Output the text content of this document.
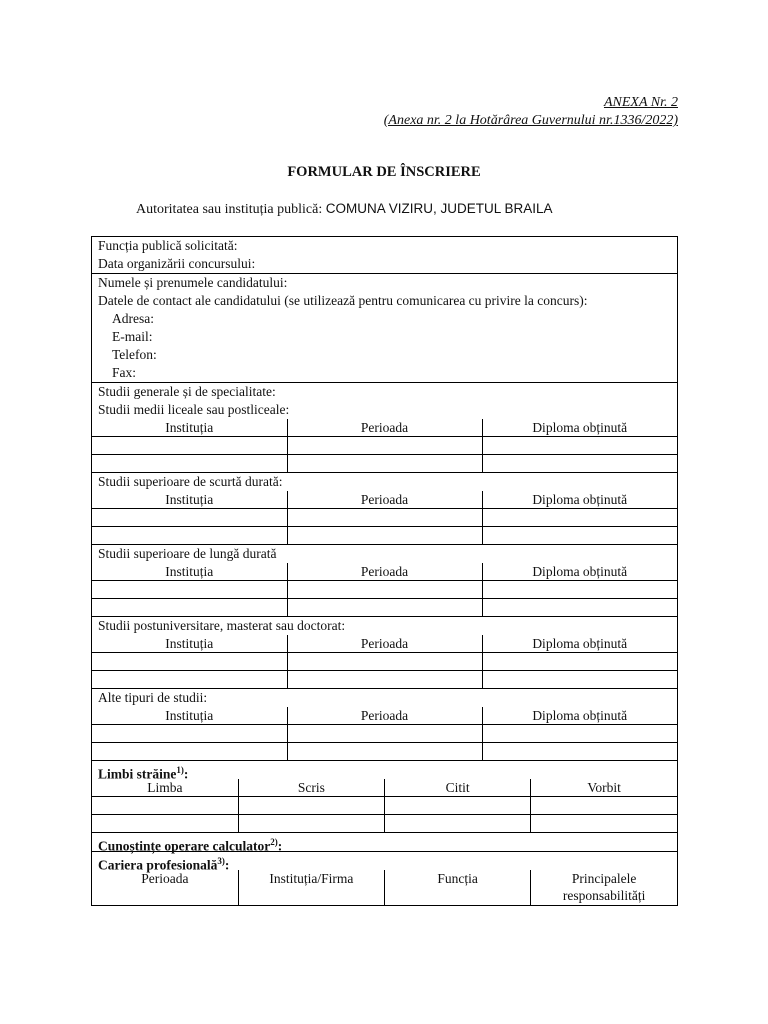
ANEXA Nr. 2
(Anexa nr. 2 la Hotărârea Guvernului nr.1336/2022)
FORMULAR DE ÎNSCRIERE
Autoritatea sau instituția publică: COMUNA VIZIRU, JUDETUL BRAILA
Funcția publică solicitată:
Data organizării concursului:
Numele și prenumele candidatului:
Datele de contact ale candidatului (se utilizează pentru comunicarea cu privire la concurs):
Adresa:
E-mail:
Telefon:
Fax:
Studii generale și de specialitate:
Studii medii liceale sau postliceale:
Instituția	Perioada	Diploma obținută

Studii superioare de scurtă durată:
Instituția	Perioada	Diploma obținută

Studii superioare de lungă durată
Instituția	Perioada	Diploma obținută

Studii postuniversitare, masterat sau doctorat:
Instituția	Perioada	Diploma obținută

Alte tipuri de studii:
Instituția	Perioada	Diploma obținută

Limbi străine$^{1)}$:
Limba	Scris	Citit	Vorbit

Cunoștințe operare calculator$^{2)}$:
Cariera profesională$^{3)}$:
Perioada	Instituția/Firma	Funcția	Principalele
responsabilități
